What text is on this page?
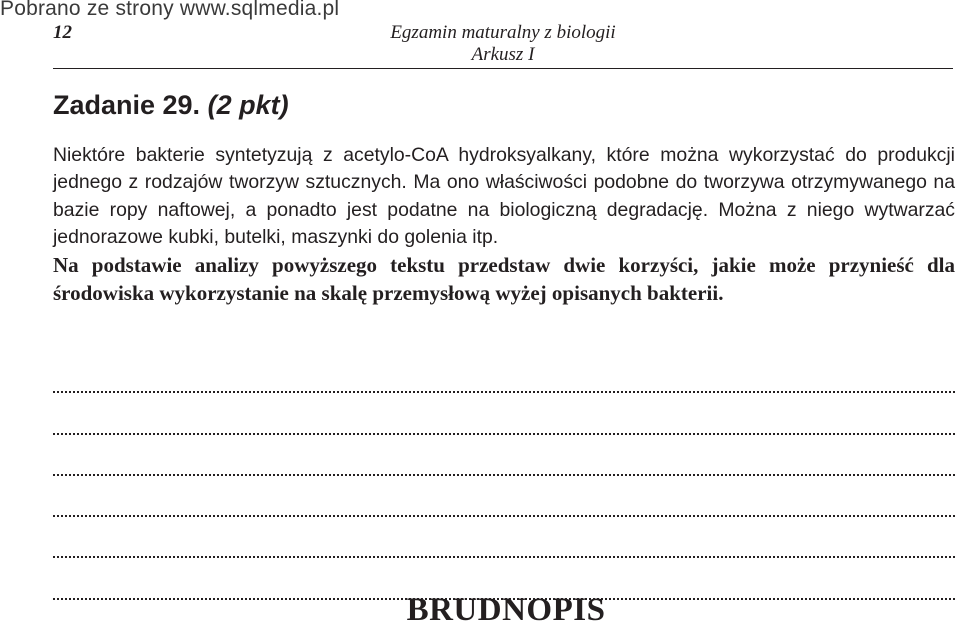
Pobrano ze strony www.sqlmedia.pl
12	Egzamin maturalny z biologii
Arkusz I
Zadanie 29. (2 pkt)

Niektóre bakterie syntetyzują z acetylo-CoA hydroksyalkany, które można wykorzystać do produkcji jednego z rodzajów tworzyw sztucznych. Ma ono właściwości podobne do tworzywa otrzymywanego na bazie ropy naftowej, a ponadto jest podatne na biologiczną degradację. Można z niego wytwarzać jednorazowe kubki, butelki, maszynki do golenia itp.

Na podstawie analizy powyższego tekstu przedstaw dwie korzyści, jakie może przynieść dla środowiska wykorzystanie na skalę przemysłową wyżej opisanych bakterii.

BRUDNOPIS
